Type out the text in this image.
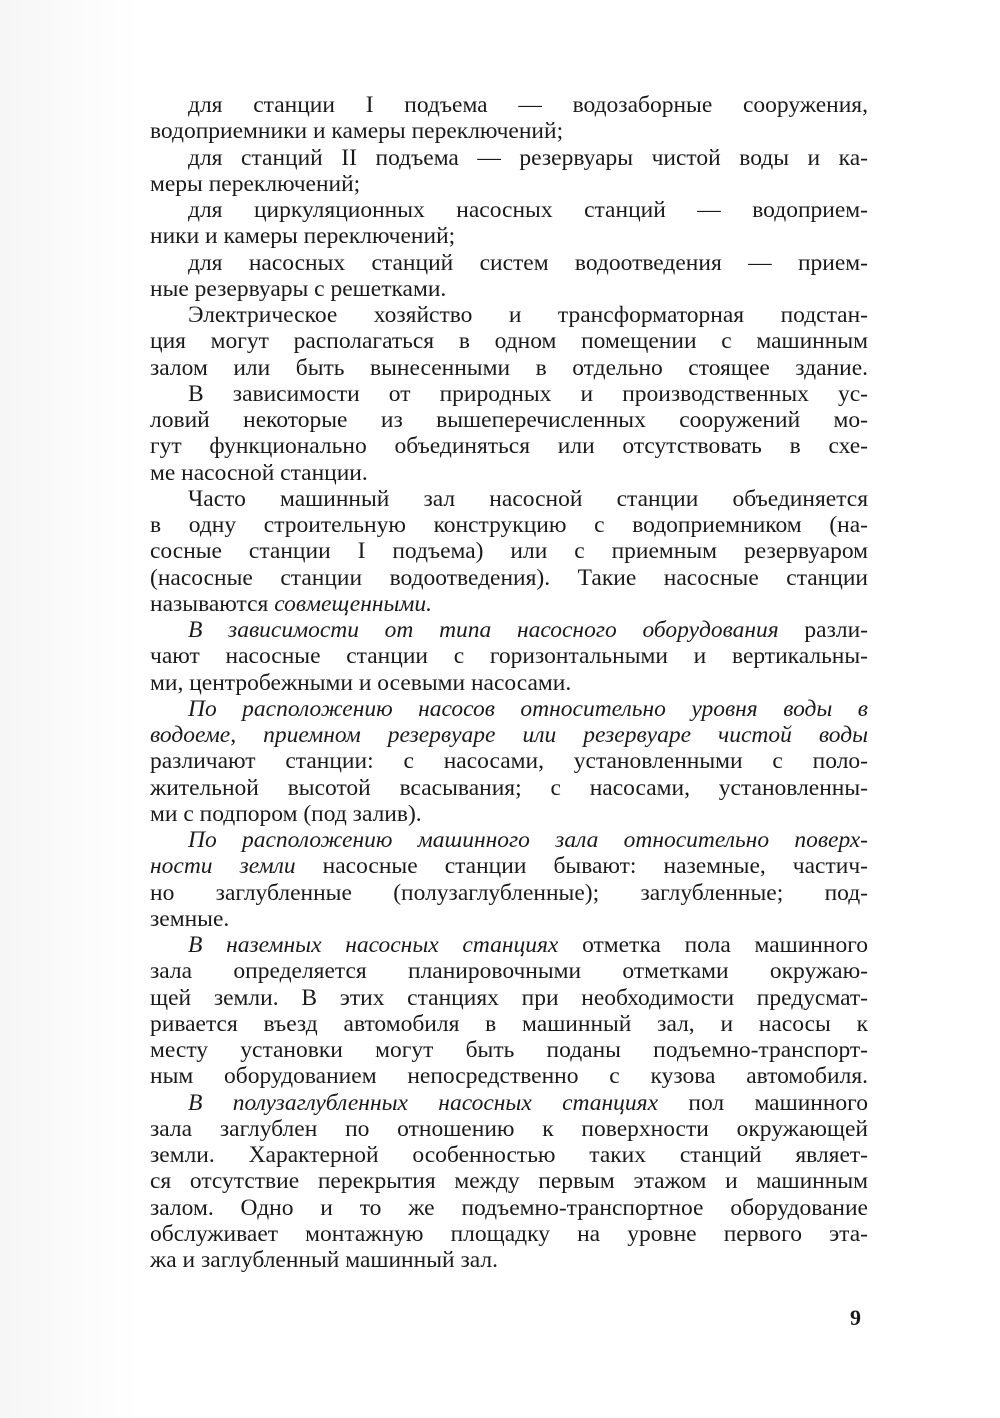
для станции I подъема — водозаборные сооружения,
водоприемники и камеры переключений;
для станций II подъема — резервуары чистой воды и ка-
меры переключений;
для циркуляционных насосных станций — водоприем-
ники и камеры переключений;
для насосных станций систем водоотведения — прием-
ные резервуары с решетками.
Электрическое хозяйство и трансформаторная подстан-
ция могут располагаться в одном помещении с машинным
залом или быть вынесенными в отдельно стоящее здание.
В зависимости от природных и производственных ус-
ловий некоторые из вышеперечисленных сооружений мо-
гут функционально объединяться или отсутствовать в схе-
ме насосной станции.
Часто машинный зал насосной станции объединяется
в одну строительную конструкцию с водоприемником (на-
сосные станции I подъема) или с приемным резервуаром
(насосные станции водоотведения). Такие насосные станции
называются совмещенными.
В зависимости от типа насосного оборудования разли-
чают насосные станции с горизонтальными и вертикальны-
ми, центробежными и осевыми насосами.
По расположению насосов относительно уровня воды в
водоеме, приемном резервуаре или резервуаре чистой воды
различают станции: с насосами, установленными с поло-
жительной высотой всасывания; с насосами, установленны-
ми с подпором (под залив).
По расположению машинного зала относительно поверх-
ности земли насосные станции бывают: наземные, частич-
но заглубленные (полузаглубленные); заглубленные; под-
земные.
В наземных насосных станциях отметка пола машинного
зала определяется планировочными отметками окружаю-
щей земли. В этих станциях при необходимости предусмат-
ривается въезд автомобиля в машинный зал, и насосы к
месту установки могут быть поданы подъемно-транспорт-
ным оборудованием непосредственно с кузова автомобиля.
В полузаглубленных насосных станциях пол машинного
зала заглублен по отношению к поверхности окружающей
земли. Характерной особенностью таких станций являет-
ся отсутствие перекрытия между первым этажом и машинным
залом. Одно и то же подъемно-транспортное оборудование
обслуживает монтажную площадку на уровне первого эта-
жа и заглубленный машинный зал.
9
